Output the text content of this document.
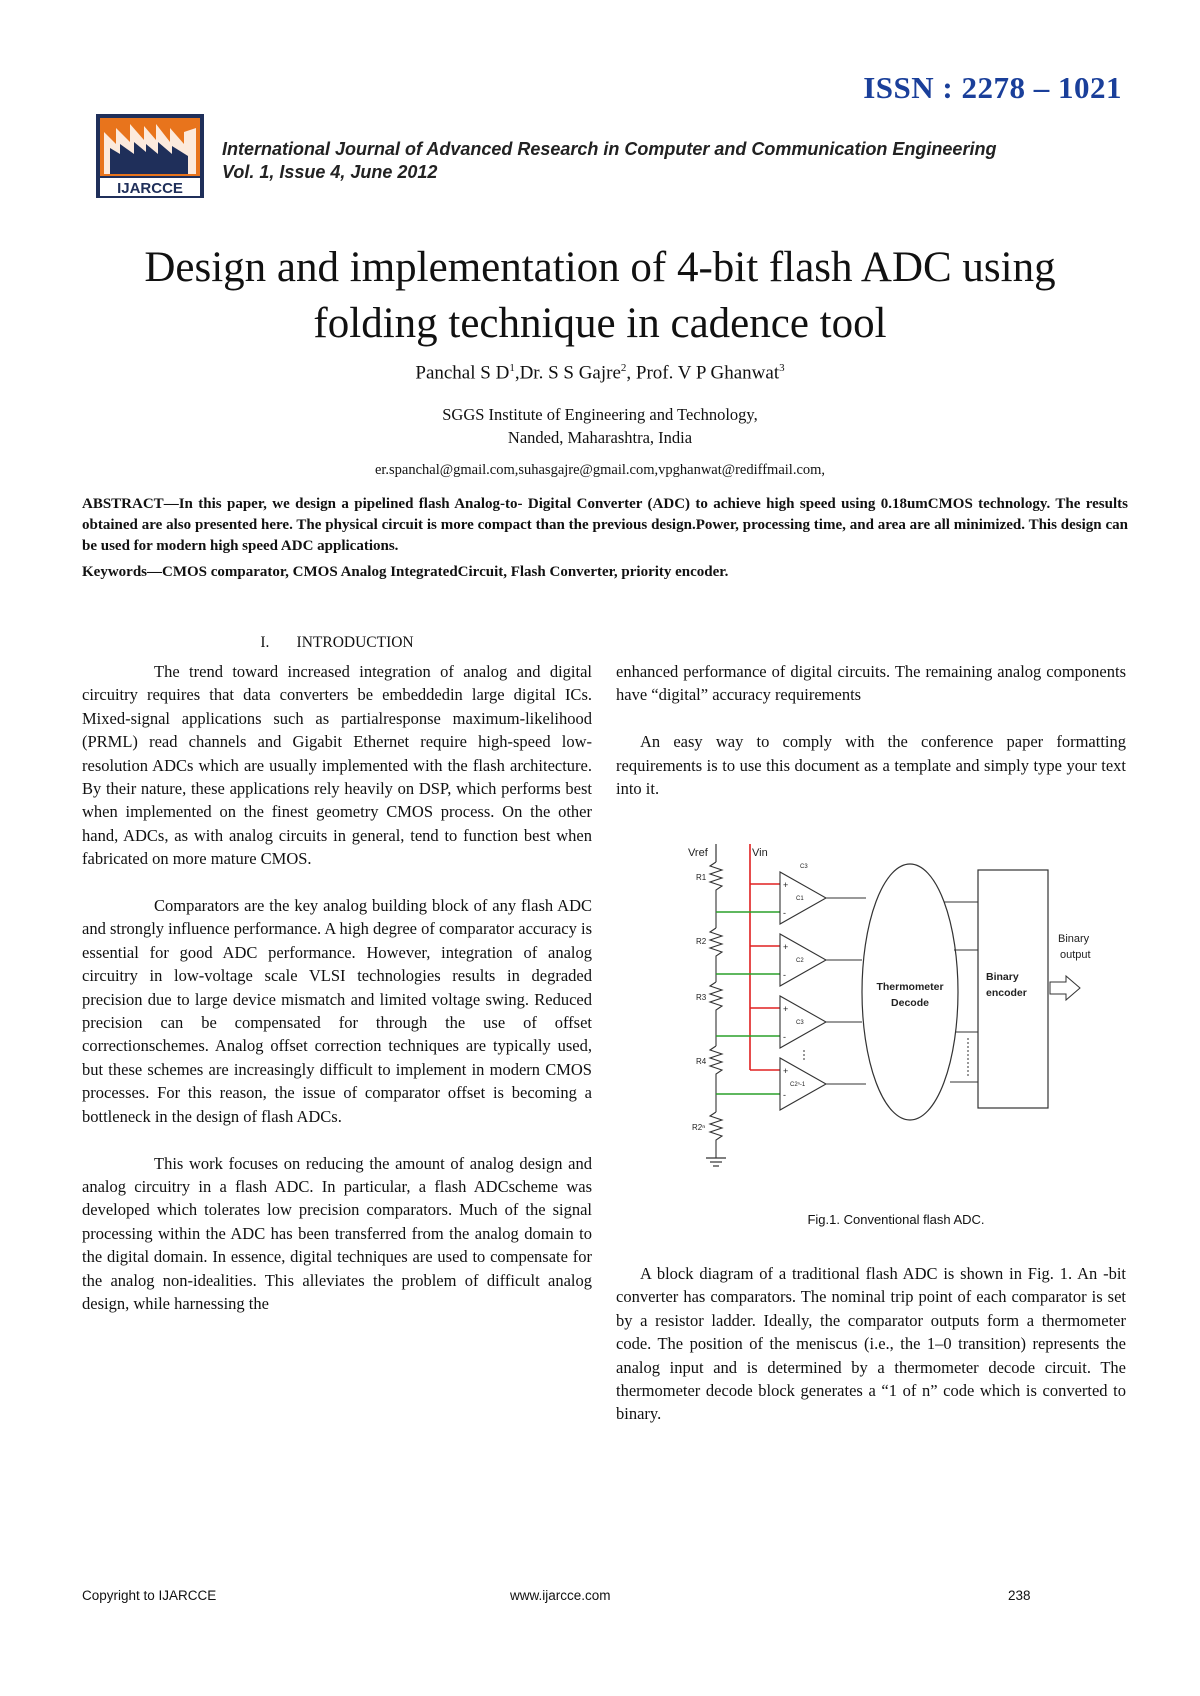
ISSN : 2278 – 1021
IJARCCE
International Journal of Advanced Research in Computer and Communication Engineering
Vol. 1, Issue 4, June 2012
Design and implementation of 4-bit flash ADC using
folding technique in cadence tool
Panchal S $D^1,Dr$. S S Gajre$^2$, Prof. V P Ghanwat$^3$
SGGS Institute of Engineering and Technology,
Nanded, Maharashtra, India
er.spanchal@gmail.com,suhasgajre@gmail.com,vpghanwat@rediffmail.com,
ABSTRACT—In this paper, we design a pipelined flash Analog-to- Digital Converter (ADC) to achieve high speed using 0.18umCMOS technology. The results obtained are also presented here. The physical circuit is more compact than the previous design.Power, processing time, and area are all minimized. This design can be used for modern high speed ADC applications.
Keywords—CMOS comparator, CMOS Analog IntegratedCircuit, Flash Converter, priority encoder.
I. INTRODUCTION

The trend toward increased integration of analog and digital circuitry requires that data converters be embeddedin large digital ICs. Mixed-signal applications such as partialresponse maximum-likelihood (PRML) read channels and Gigabit Ethernet require high-speed low-resolution ADCs which are usually implemented with the flash architecture. By their nature, these applications rely heavily on DSP, which performs best when implemented on the finest geometry CMOS process. On the other hand, ADCs, as with analog circuits in general, tend to function best when fabricated on more mature CMOS.

Comparators are the key analog building block of any flash ADC and strongly influence performance. A high degree of comparator accuracy is essential for good ADC performance. However, integration of analog circuitry in low-voltage scale VLSI technologies results in degraded precision due to large device mismatch and limited voltage swing. Reduced precision can be compensated for through the use of offset correctionschemes. Analog offset correction techniques are typically used, but these schemes are increasingly difficult to implement in modern CMOS processes. For this reason, the issue of comparator offset is becoming a bottleneck in the design of flash ADCs.

This work focuses on reducing the amount of analog design and analog circuitry in a flash ADC. In particular, a flash ADCscheme was developed which tolerates low precision comparators. Much of the signal processing within the ADC has been transferred from the analog domain to the digital domain. In essence, digital techniques are used to compensate for the analog non-idealities. This alleviates the problem of difficult analog design, while harnessing the

enhanced performance of digital circuits. The remaining analog components have “digital” accuracy requirements

An easy way to comply with the conference paper formatting requirements is to use this document as a template and simply type your text into it.

Vref	Vin
R1
R2
R3
R4
R2ⁿ
+
-
+
-
+
-
+
-
C1
C2
C3
C2ⁿ-1
C3
Thermometer
Decode
Binary
encoder
Binary
output
Fig.1. Conventional flash ADC.

A block diagram of a traditional flash ADC is shown in Fig. 1. An -bit converter has comparators. The nominal trip point of each comparator is set by a resistor ladder. Ideally, the comparator outputs form a thermometer code. The position of the meniscus (i.e., the 1–0 transition) represents the analog input and is determined by a thermometer decode circuit. The thermometer decode block generates a “1 of n” code which is converted to binary.

Copyright to IJARCCE	www.ijarcce.com	238
